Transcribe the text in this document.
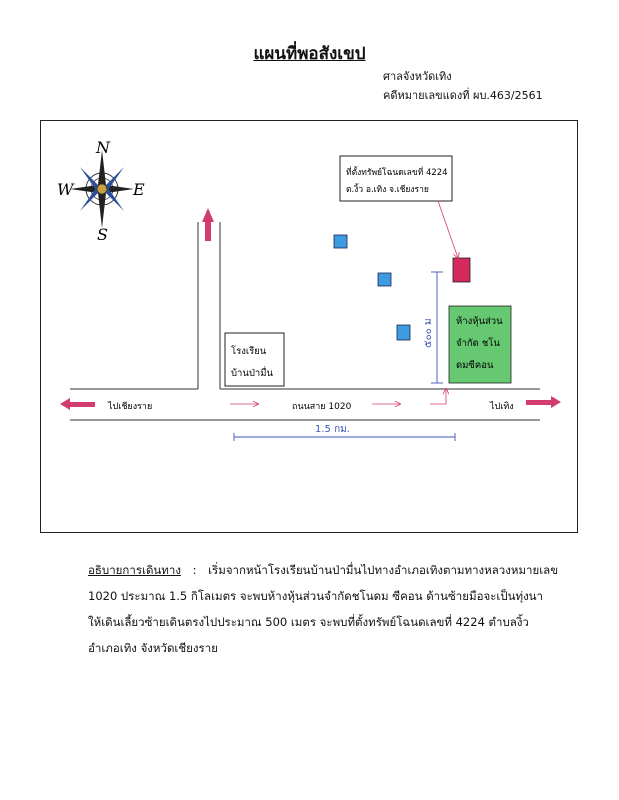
แผนที่พอสังเขป
ศาลจังหวัดเทิง
คดีหมายเลขแดงที่ ผบ.463/2561
N
E
S
W
ที่ตั้งทรัพย์โฉนดเลขที่ 4224
ต.งิ้ว อ.เทิง จ.เชียงราย
ห้างหุ้นส่วน
จำกัด ชโน
ดมซีคอน
โรงเรียน
บ้านป่ามื่น
๕๐๐ ม
ไปเชียงราย	ถนนสาย 1020	ไปเทิง
1.5 กม.
อธิบายการเดินทาง : เริ่มจากหน้าโรงเรียนบ้านป่ามื่นไปทางอำเภอเทิงตามทางหลวงหมายเลข
1020 ประมาณ 1.5 กิโลเมตร จะพบห้างหุ้นส่วนจำกัดชโนดม ซีคอน ด้านซ้ายมือจะเป็นทุ่งนา
ให้เดินเลี้ยวซ้ายเดินตรงไปประมาณ 500 เมตร จะพบที่ตั้งทรัพย์โฉนดเลขที่ 4224 ตำบลงิ้ว
อำเภอเทิง จังหวัดเชียงราย
